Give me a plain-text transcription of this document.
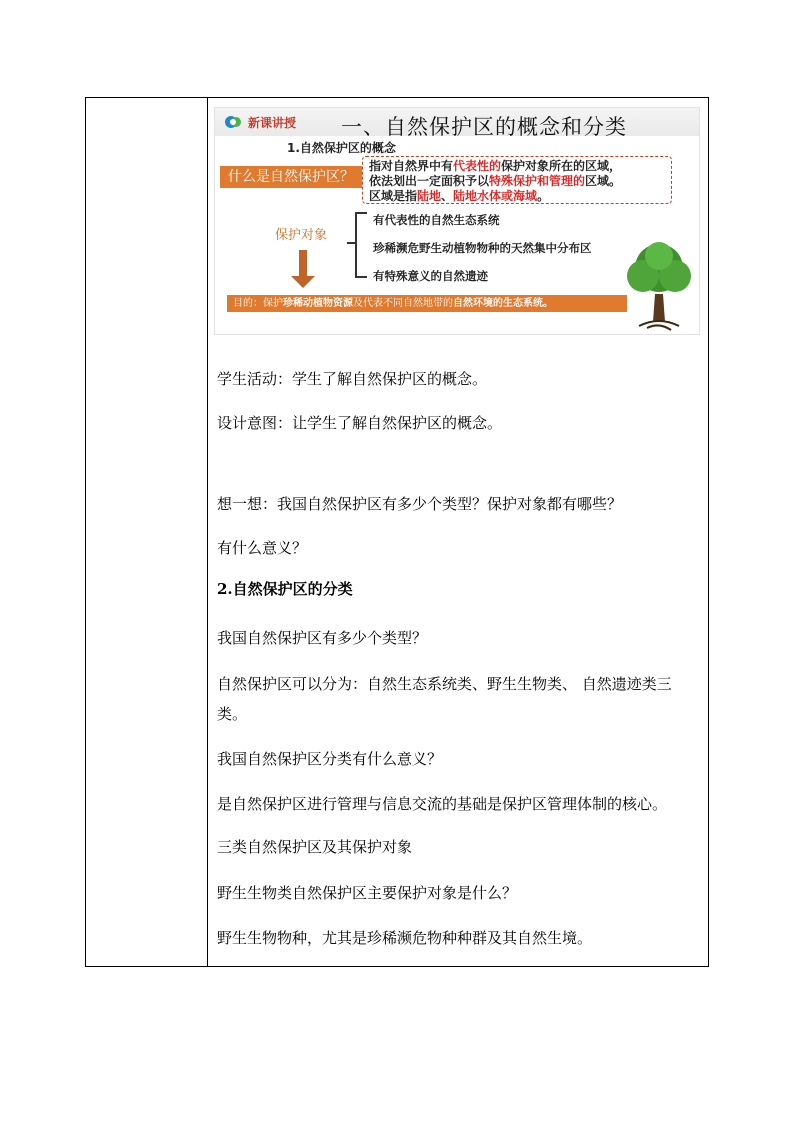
新课讲授 一、自然保护区的概念和分类
1.自然保护区的概念
什么是自然保护区？
指对自然界中有代表性的保护对象所在的区域，
依法划出一定面积予以特殊保护和管理的区域。
区域是指陆地、陆地水体或海域。
保护对象
有代表性的自然生态系统
珍稀濒危野生动植物物种的天然集中分布区
有特殊意义的自然遗迹
目的：保护珍稀动植物资源及代表不同自然地带的自然环境的生态系统。
学生活动：学生了解自然保护区的概念。
设计意图：让学生了解自然保护区的概念。
想一想：我国自然保护区有多少个类型？保护对象都有哪些？
有什么意义？
2.自然保护区的分类
我国自然保护区有多少个类型？
自然保护区可以分为：自然生态系统类、野生生物类、 自然遗迹类三
类。
我国自然保护区分类有什么意义？
是自然保护区进行管理与信息交流的基础是保护区管理体制的核心。
三类自然保护区及其保护对象
野生生物类自然保护区主要保护对象是什么？
野生生物物种，尤其是珍稀濒危物种种群及其自然生境。
